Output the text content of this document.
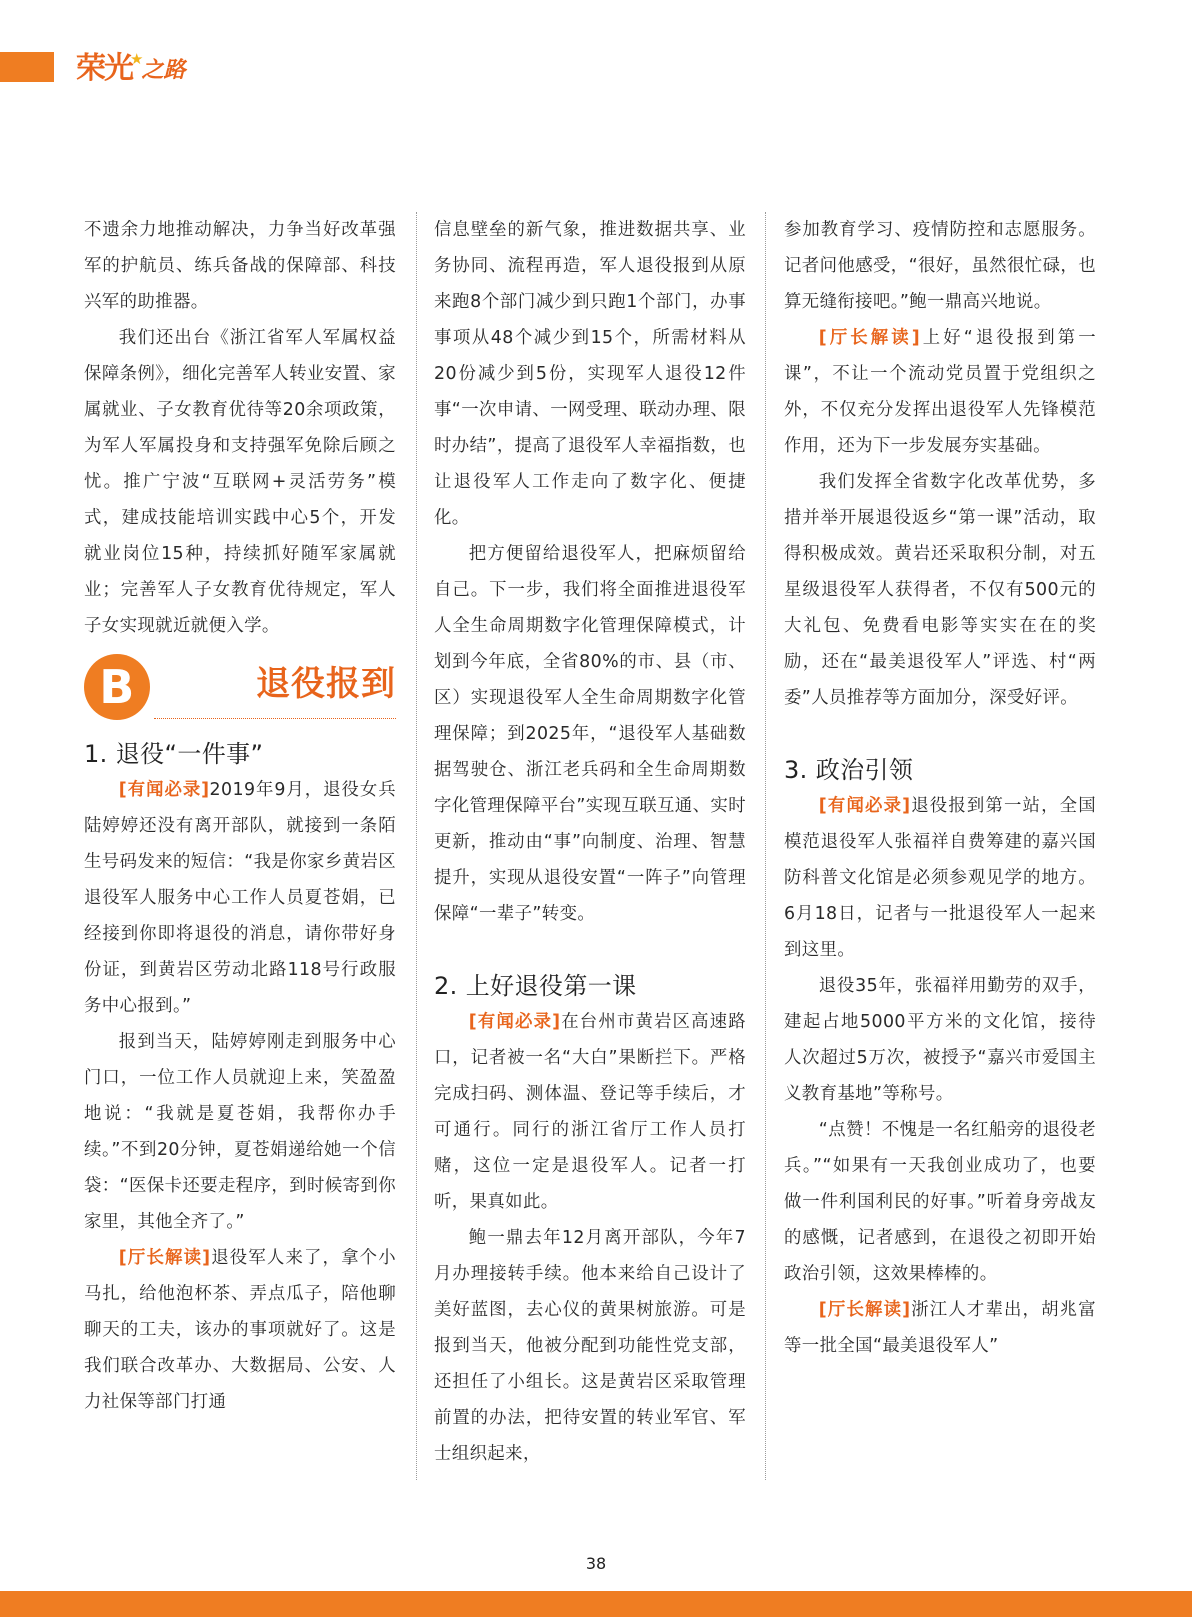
荣光
★
之路

不遗余力地推动解决，力争当好改革强军的护航员、练兵备战的保障部、科技兴军的助推器。

我们还出台《浙江省军人军属权益保障条例》，细化完善军人转业安置、家属就业、子女教育优待等20余项政策，为军人军属投身和支持强军免除后顾之忧。推广宁波“互联网+灵活劳务”模式，建成技能培训实践中心5个，开发就业岗位15种，持续抓好随军家属就业；完善军人子女教育优待规定，军人子女实现就近就便入学。

B	退役报到

1. 退役“一件事”

[有闻必录]2019年9月，退役女兵陆婷婷还没有离开部队，就接到一条陌生号码发来的短信：“我是你家乡黄岩区退役军人服务中心工作人员夏苍娟，已经接到你即将退役的消息，请你带好身份证，到黄岩区劳动北路118号行政服务中心报到。”

报到当天，陆婷婷刚走到服务中心门口，一位工作人员就迎上来，笑盈盈地说：“我就是夏苍娟，我帮你办手续。”不到20分钟，夏苍娟递给她一个信袋：“医保卡还要走程序，到时候寄到你家里，其他全齐了。”

[厅长解读]退役军人来了，拿个小马扎，给他泡杯茶、弄点瓜子，陪他聊聊天的工夫，该办的事项就好了。这是我们联合改革办、大数据局、公安、人力社保等部门打通

信息壁垒的新气象，推进数据共享、业务协同、流程再造，军人退役报到从原来跑8个部门减少到只跑1个部门，办事事项从48个减少到15个，所需材料从20份减少到5份，实现军人退役12件事“一次申请、一网受理、联动办理、限时办结”，提高了退役军人幸福指数，也让退役军人工作走向了数字化、便捷化。

把方便留给退役军人，把麻烦留给自己。下一步，我们将全面推进退役军人全生命周期数字化管理保障模式，计划到今年底，全省80%的市、县（市、区）实现退役军人全生命周期数字化管理保障；到2025年，“退役军人基础数据驾驶仓、浙江老兵码和全生命周期数字化管理保障平台”实现互联互通、实时更新，推动由“事”向制度、治理、智慧提升，实现从退役安置“一阵子”向管理保障“一辈子”转变。

2. 上好退役第一课

[有闻必录]在台州市黄岩区高速路口，记者被一名“大白”果断拦下。严格完成扫码、测体温、登记等手续后，才可通行。同行的浙江省厅工作人员打赌，这位一定是退役军人。记者一打听，果真如此。

鲍一鼎去年12月离开部队，今年7月办理接转手续。他本来给自己设计了美好蓝图，去心仪的黄果树旅游。可是报到当天，他被分配到功能性党支部，还担任了小组长。这是黄岩区采取管理前置的办法，把待安置的转业军官、军士组织起来，

参加教育学习、疫情防控和志愿服务。记者问他感受，“很好，虽然很忙碌，也算无缝衔接吧。”鲍一鼎高兴地说。

[厅长解读]上好“退役报到第一课”，不让一个流动党员置于党组织之外，不仅充分发挥出退役军人先锋模范作用，还为下一步发展夯实基础。

我们发挥全省数字化改革优势，多措并举开展退役返乡“第一课”活动，取得积极成效。黄岩还采取积分制，对五星级退役军人获得者，不仅有500元的大礼包、免费看电影等实实在在的奖励，还在“最美退役军人”评选、村“两委”人员推荐等方面加分，深受好评。

3. 政治引领

[有闻必录]退役报到第一站，全国模范退役军人张福祥自费筹建的嘉兴国防科普文化馆是必须参观见学的地方。6月18日，记者与一批退役军人一起来到这里。

退役35年，张福祥用勤劳的双手，建起占地5000平方米的文化馆，接待人次超过5万次，被授予“嘉兴市爱国主义教育基地”等称号。

“点赞！不愧是一名红船旁的退役老兵。”“如果有一天我创业成功了，也要做一件利国利民的好事。”听着身旁战友的感慨，记者感到，在退役之初即开始政治引领，这效果棒棒的。

[厅长解读]浙江人才辈出，胡兆富等一批全国“最美退役军人”

38
